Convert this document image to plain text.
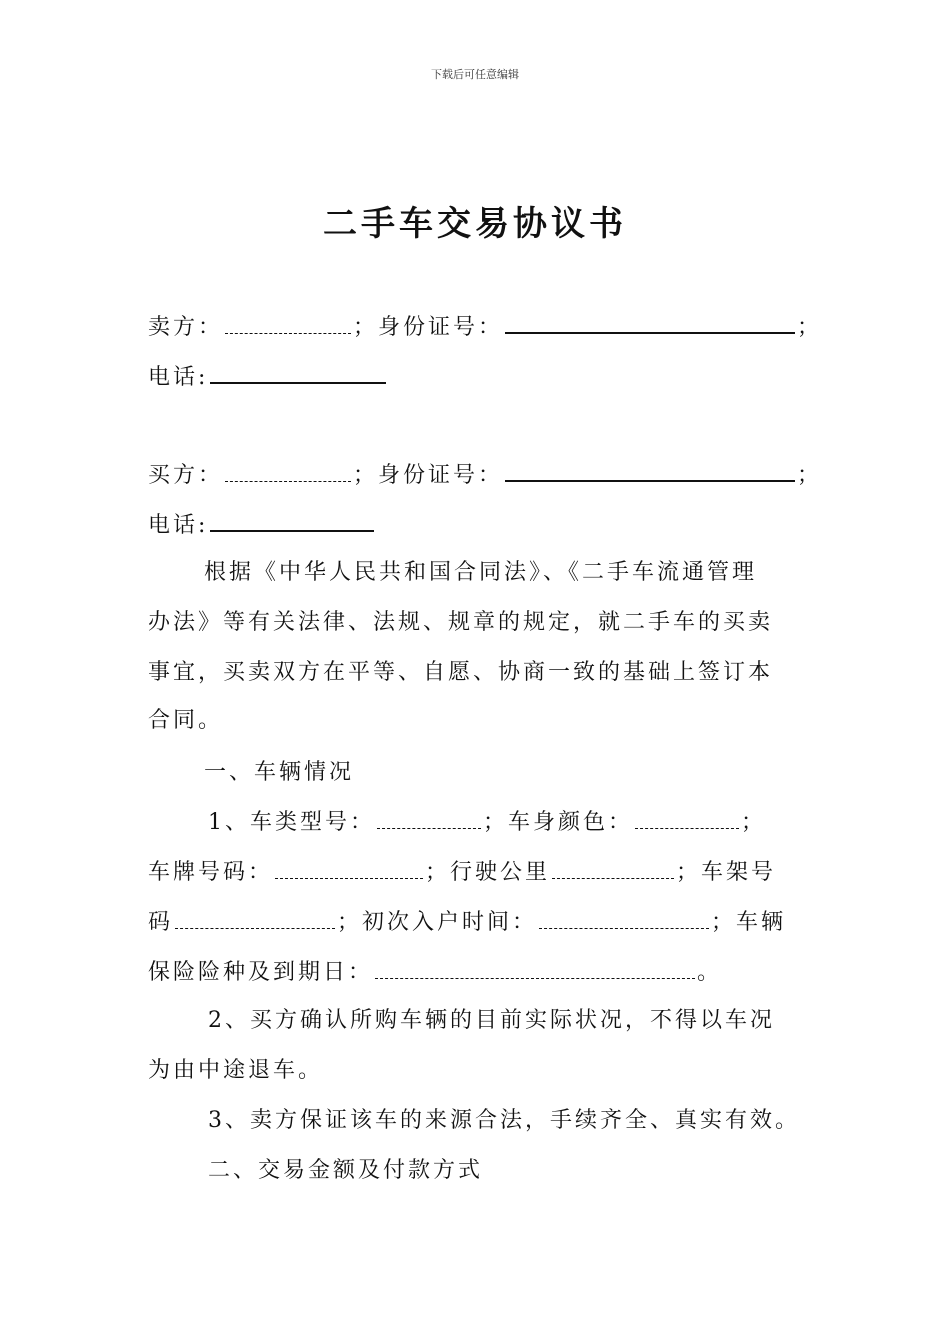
下载后可任意编辑
二手车交易协议书
卖方：	；身份证号：	；
电话:
买方：	；身份证号：	；
电话:
根据《中华人民共和国合同法》、《二手车流通管理
办法》等有关法律、法规、规章的规定，就二手车的买卖
事宜，买卖双方在平等、自愿、协商一致的基础上签订本
合同。
一、车辆情况
1、车类型号：	；车身颜色：	；
车牌号码：	；行驶公里	；车架号
码	；初次入户时间：	；车辆
保险险种及到期日：	。
2、买方确认所购车辆的目前实际状况，不得以车况
为由中途退车。
3、卖方保证该车的来源合法，手续齐全、真实有效。
二、交易金额及付款方式
